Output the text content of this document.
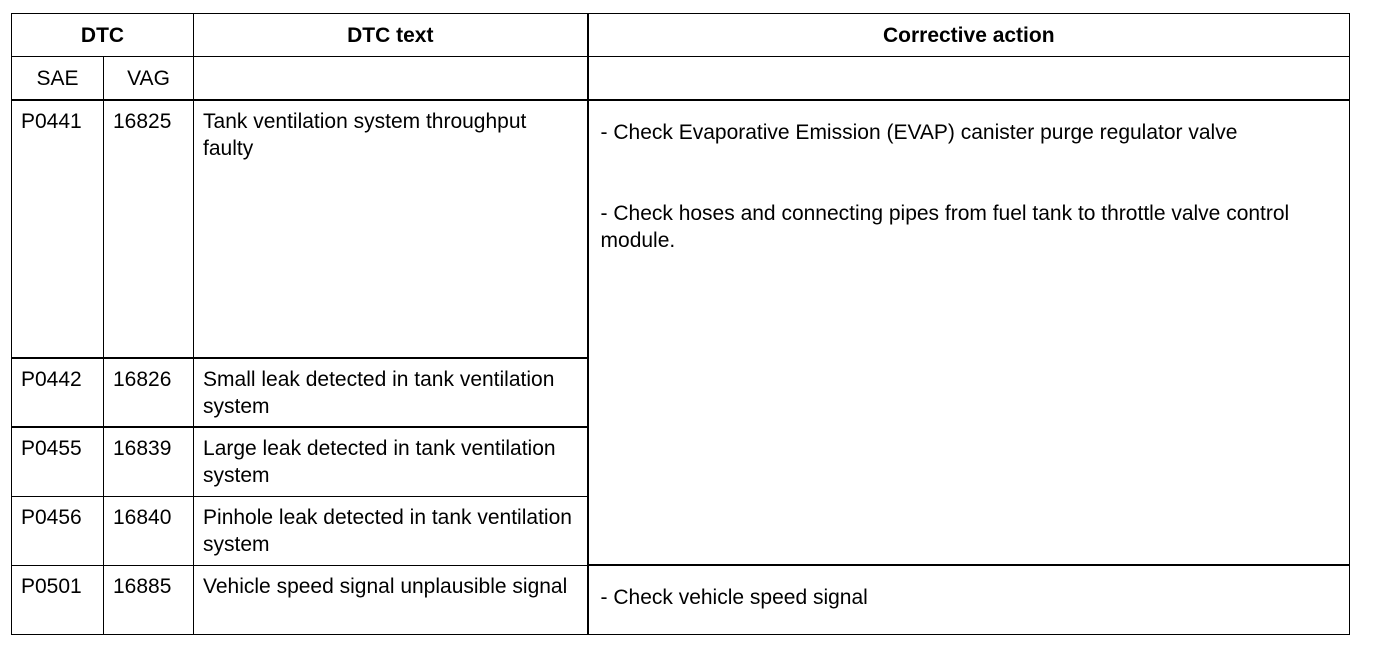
DTC		DTC text	Corrective action
SAE	VAG		
P0441	16825	Tank ventilation system throughput faulty	- Check Evaporative Emission (EVAP) canister purge regulator valve
- Check hoses and connecting pipes from fuel tank to throttle valve control module.

P0442	16826	Small leak detected in tank ventilation system	
P0455	16839	Large leak detected in tank ventilation system	
P0456	16840	Pinhole leak detected in tank ventilation system	
P0501	16885	Vehicle speed signal unplausible signal	- Check vehicle speed signal
